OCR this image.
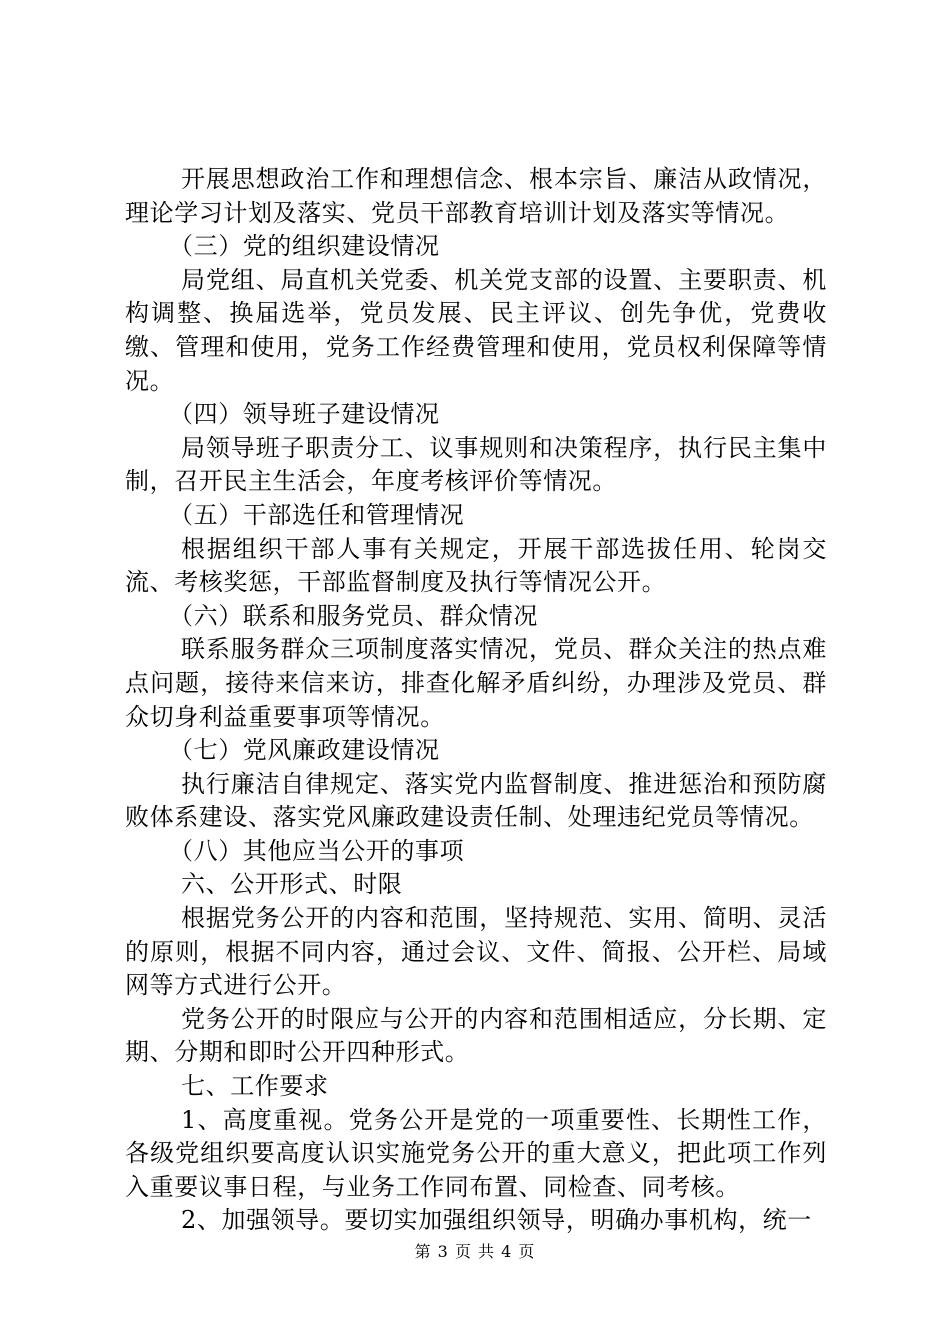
开展思想政治工作和理想信念、根本宗旨、廉洁从政情况，理论学习计划及落实、党员干部教育培训计划及落实等情况。

（三）党的组织建设情况

局党组、局直机关党委、机关党支部的设置、主要职责、机构调整、换届选举，党员发展、民主评议、创先争优，党费收缴、管理和使用，党务工作经费管理和使用，党员权利保障等情况。

（四）领导班子建设情况

局领导班子职责分工、议事规则和决策程序，执行民主集中制，召开民主生活会，年度考核评价等情况。

（五）干部选任和管理情况

根据组织干部人事有关规定，开展干部选拔任用、轮岗交流、考核奖惩，干部监督制度及执行等情况公开。

（六）联系和服务党员、群众情况

联系服务群众三项制度落实情况，党员、群众关注的热点难点问题，接待来信来访，排查化解矛盾纠纷，办理涉及党员、群众切身利益重要事项等情况。

（七）党风廉政建设情况

执行廉洁自律规定、落实党内监督制度、推进惩治和预防腐败体系建设、落实党风廉政建设责任制、处理违纪党员等情况。

（八）其他应当公开的事项

六、公开形式、时限

根据党务公开的内容和范围，坚持规范、实用、简明、灵活的原则，根据不同内容，通过会议、文件、简报、公开栏、局域网等方式进行公开。

党务公开的时限应与公开的内容和范围相适应，分长期、定期、分期和即时公开四种形式。

七、工作要求

1、高度重视。党务公开是党的一项重要性、长期性工作，各级党组织要高度认识实施党务公开的重大意义，把此项工作列入重要议事日程，与业务工作同布置、同检查、同考核。

2、加强领导。要切实加强组织领导，明确办事机构，统一

第 3 页 共 4 页
